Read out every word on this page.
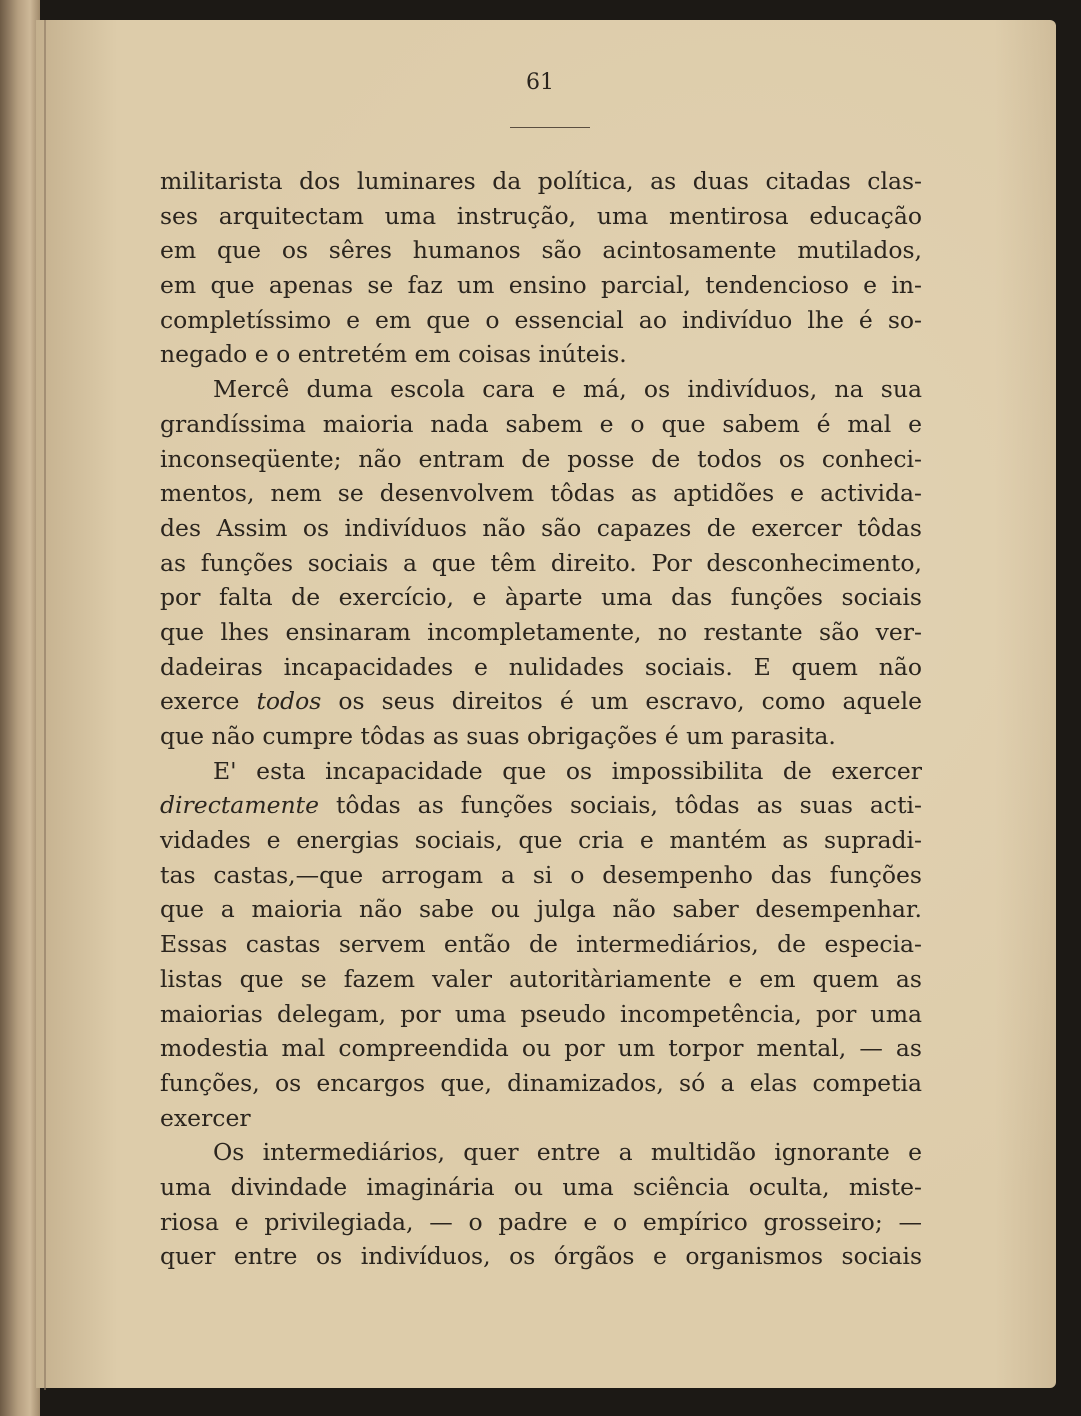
61
militarista dos luminares da política, as duas citadas clas-
ses arquitectam uma instrução, uma mentirosa educação
em que os sêres humanos são acintosamente mutilados,
em que apenas se faz um ensino parcial, tendencioso e in-
completíssimo e em que o essencial ao indivíduo lhe é so-
negado e o entretém em coisas inúteis.
Mercê duma escola cara e má, os indivíduos, na sua
grandíssima maioria nada sabem e o que sabem é mal e
inconseqüente; não entram de posse de todos os conheci-
mentos, nem se desenvolvem tôdas as aptidões e activida-
des Assim os indivíduos não são capazes de exercer tôdas
as funções sociais a que têm direito. Por desconhecimento,
por falta de exercício, e àparte uma das funções sociais
que lhes ensinaram incompletamente, no restante são ver-
dadeiras incapacidades e nulidades sociais. E quem não
exerce todos os seus direitos é um escravo, como aquele
que não cumpre tôdas as suas obrigações é um parasita.
E' esta incapacidade que os impossibilita de exercer
directamente tôdas as funções sociais, tôdas as suas acti-
vidades e energias sociais, que cria e mantém as supradi-
tas castas,—que arrogam a si o desempenho das funções
que a maioria não sabe ou julga não saber desempenhar.
Essas castas servem então de intermediários, de especia-
listas que se fazem valer autoritàriamente e em quem as
maiorias delegam, por uma pseudo incompetência, por uma
modestia mal compreendida ou por um torpor mental, — as
funções, os encargos que, dinamizados, só a elas competia
exercer
Os intermediários, quer entre a multidão ignorante e
uma divindade imaginária ou uma sciência oculta, miste-
riosa e privilegiada, — o padre e o empírico grosseiro; —
quer entre os indivíduos, os órgãos e organismos sociais
